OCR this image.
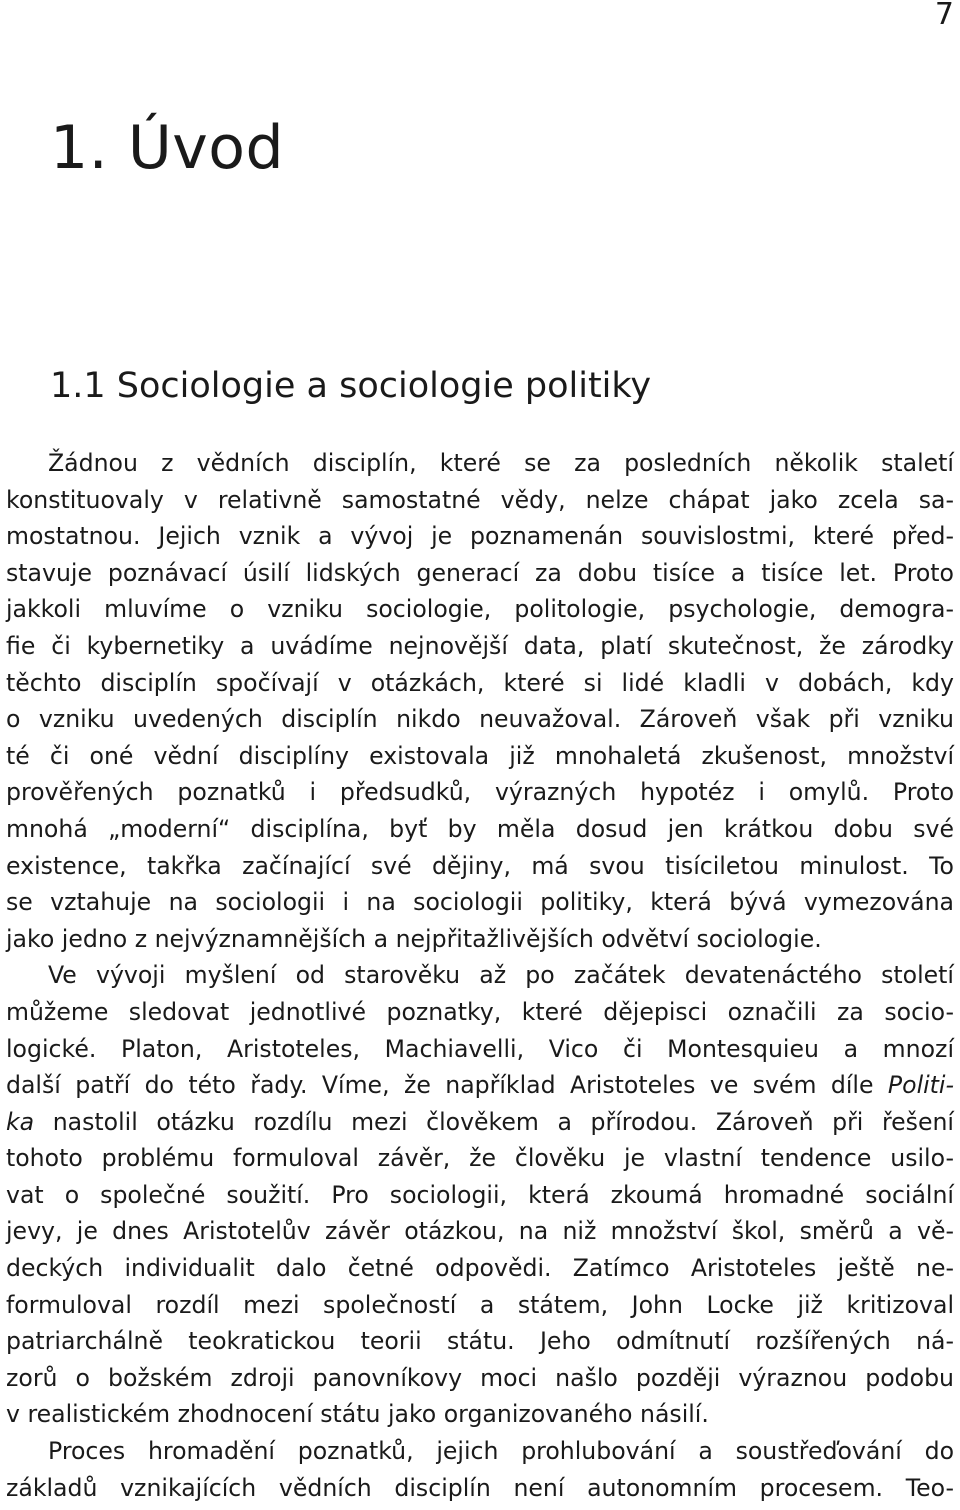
7
1. Úvod
1.1 Sociologie a sociologie politiky
Žádnou z vědních disciplín, které se za posledních několik staletí
konstituovaly v relativně samostatné vědy, nelze chápat jako zcela sa-
mostatnou. Jejich vznik a vývoj je poznamenán souvislostmi, které před-
stavuje poznávací úsilí lidských generací za dobu tisíce a tisíce let. Proto
jakkoli mluvíme o vzniku sociologie, politologie, psychologie, demogra-
fie či kybernetiky a uvádíme nejnovější data, platí skutečnost, že zárodky
těchto disciplín spočívají v otázkách, které si lidé kladli v dobách, kdy
o vzniku uvedených disciplín nikdo neuvažoval. Zároveň však při vzniku
té či oné vědní disciplíny existovala již mnohaletá zkušenost, množství
prověřených poznatků i předsudků, výrazných hypotéz i omylů. Proto
mnohá „moderní“ disciplína, byť by měla dosud jen krátkou dobu své
existence, takřka začínající své dějiny, má svou tisíciletou minulost. To
se vztahuje na sociologii i na sociologii politiky, která bývá vymezována
jako jedno z nejvýznamnějších a nejpřitažlivějších odvětví sociologie.
Ve vývoji myšlení od starověku až po začátek devatenáctého století
můžeme sledovat jednotlivé poznatky, které dějepisci označili za socio-
logické. Platon, Aristoteles, Machiavelli, Vico či Montesquieu a mnozí
další patří do této řady. Víme, že například Aristoteles ve svém díle Politi-
ka nastolil otázku rozdílu mezi člověkem a přírodou. Zároveň při řešení
tohoto problému formuloval závěr, že člověku je vlastní tendence usilo-
vat o společné soužití. Pro sociologii, která zkoumá hromadné sociální
jevy, je dnes Aristotelův závěr otázkou, na niž množství škol, směrů a vě-
deckých individualit dalo četné odpovědi. Zatímco Aristoteles ještě ne-
formuloval rozdíl mezi společností a státem, John Locke již kritizoval
patriarchálně teokratickou teorii státu. Jeho odmítnutí rozšířených ná-
zorů o božském zdroji panovníkovy moci našlo později výraznou podobu
v realistickém zhodnocení státu jako organizovaného násilí.
Proces hromadění poznatků, jejich prohlubování a soustřeďování do
základů vznikajících vědních disciplín není autonomním procesem. Teo-
